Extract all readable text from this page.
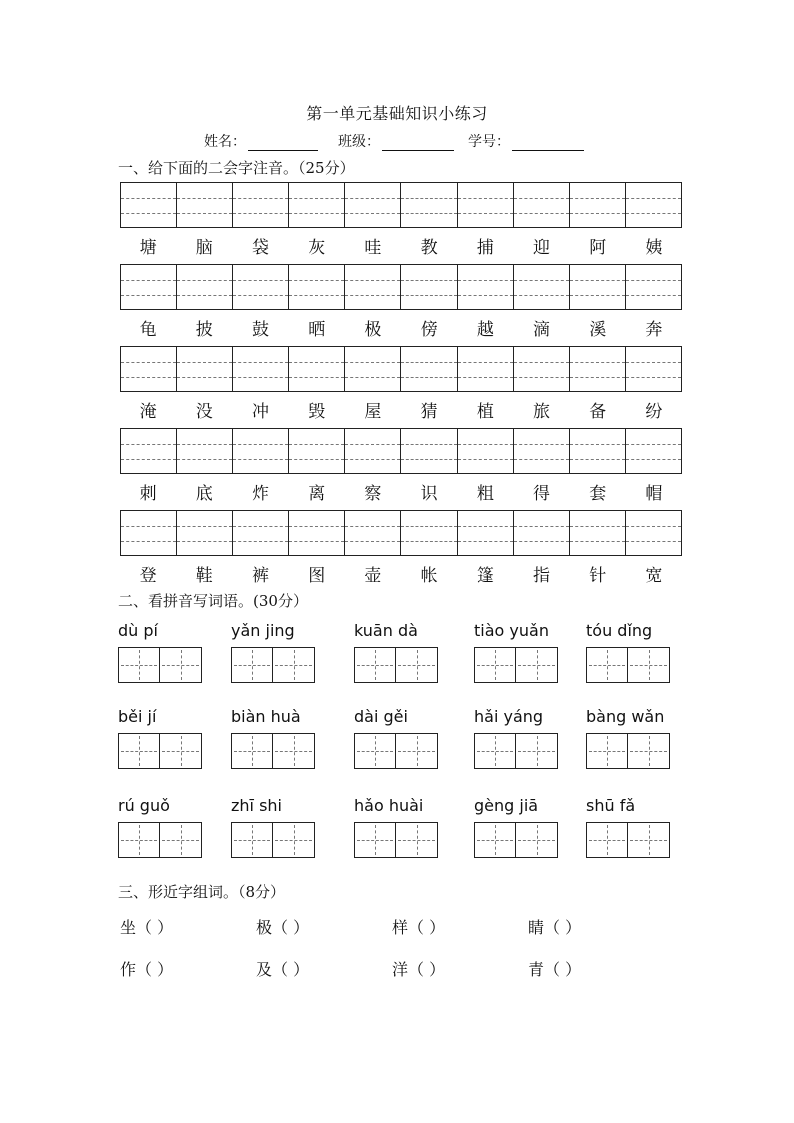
第一单元基础知识小练习
姓名：	班级：	学号：
一、给下面的二会字注音。（25分）
塘	脑	袋	灰	哇	教	捕	迎	阿	姨
龟	披	鼓	晒	极	傍	越	滴	溪	奔
淹	没	冲	毁	屋	猜	植	旅	备	纷
刺	底	炸	离	察	识	粗	得	套	帽
登	鞋	裤	图	壶	帐	篷	指	针	宽
二、看拼音写词语。(30分）
dù pí	yǎn jing	kuān dà	tiào yuǎn	tóu dǐng
běi jí	biàn huà	dài gěi	hǎi yáng	bàng wǎn
rú guǒ	zhī shi	hǎo huài	gèng jiā	shū fǎ
三、形近字组词。（8分）
坐（ ）	极（ ）	样（ ）	睛（ ）
作（ ）	及（ ）	洋（ ）	青（ ）
